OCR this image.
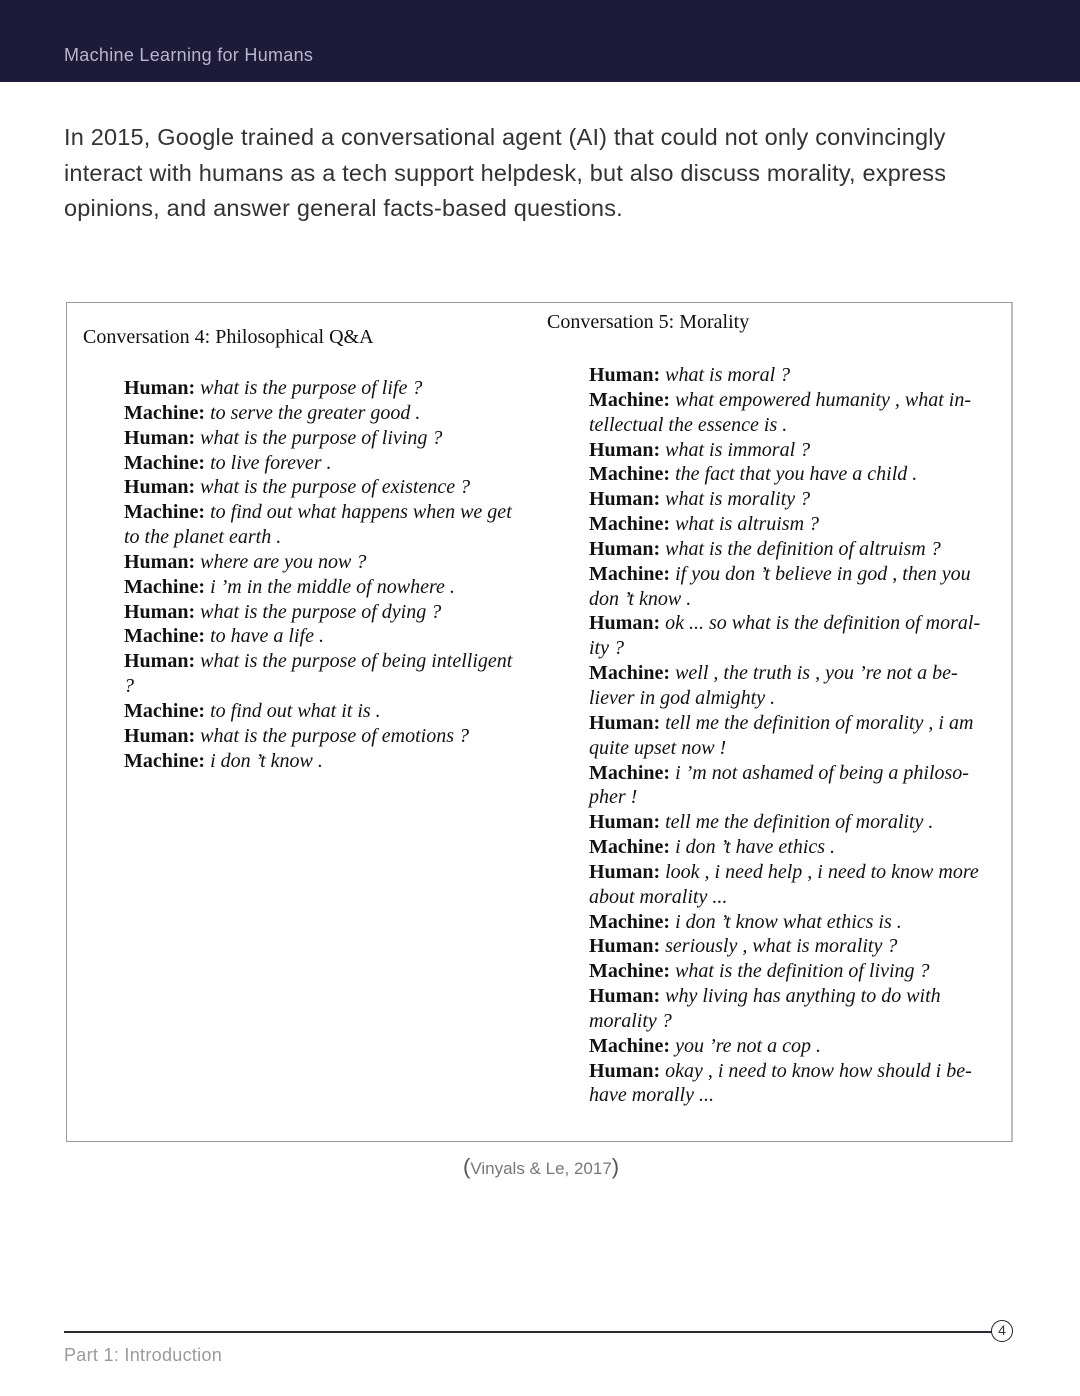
Machine Learning for Humans

In 2015, Google trained a conversational agent (AI) that could not only convincingly interact with humans as a tech support helpdesk, but also discuss morality, express opinions, and answer general facts-based questions.

Conversation 4: Philosophical Q&A
Human: what is the purpose of life ?
Machine: to serve the greater good .
Human: what is the purpose of living ?
Machine: to live forever .
Human: what is the purpose of existence ?
Machine: to find out what happens when we get
to the planet earth .
Human: where are you now ?
Machine: i ’m in the middle of nowhere .
Human: what is the purpose of dying ?
Machine: to have a life .
Human: what is the purpose of being intelligent
?
Machine: to find out what it is .
Human: what is the purpose of emotions ?
Machine: i don ’t know .
Conversation 5: Morality
Human: what is moral ?
Machine: what empowered humanity , what in-
tellectual the essence is .
Human: what is immoral ?
Machine: the fact that you have a child .
Human: what is morality ?
Machine: what is altruism ?
Human: what is the definition of altruism ?
Machine: if you don ’t believe in god , then you
don ’t know .
Human: ok ... so what is the definition of moral-
ity ?
Machine: well , the truth is , you ’re not a be-
liever in god almighty .
Human: tell me the definition of morality , i am
quite upset now !
Machine: i ’m not ashamed of being a philoso-
pher !
Human: tell me the definition of morality .
Machine: i don ’t have ethics .
Human: look , i need help , i need to know more
about morality ...
Machine: i don ’t know what ethics is .
Human: seriously , what is morality ?
Machine: what is the definition of living ?
Human: why living has anything to do with
morality ?
Machine: you ’re not a cop .
Human: okay , i need to know how should i be-
have morally ...
(Vinyals & Le, 2017)
4
Part 1: Introduction
